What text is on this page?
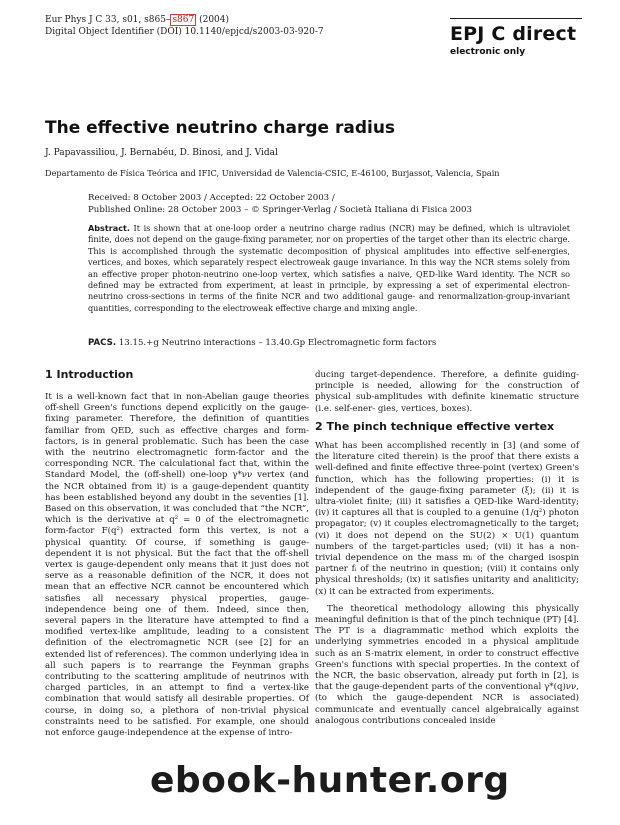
Eur Phys J C 33, s01, s865– s867 (2004)
Digital Object Identifier (DOI) 10.1140/epjcd/s2003-03-920-7	EPJ C direct
electronic only
The effective neutrino charge radius
J. Papavassiliou, J. Bernabéu, D. Binosi, and J. Vidal
Departamento de Física Teórica and IFIC, Universidad de Valencia-CSIC, E-46100, Burjassot, Valencia, Spain
Received: 8 October 2003 / Accepted: 22 October 2003 /
Published Online: 28 October 2003 – © Springer-Verlag / Società Italiana di Fisica 2003
Abstract. It is shown that at one-loop order a neutrino charge radius (NCR) may be defined, which is ultraviolet finite, does not depend on the gauge-fixing parameter, nor on properties of the target other than its electric charge. This is accomplished through the systematic decomposition of physical amplitudes into effective self-energies, vertices, and boxes, which separately respect electroweak gauge invariance. In this way the NCR stems solely from an effective proper photon-neutrino one-loop vertex, which satisfies a naive, QED-like Ward identity. The NCR so defined may be extracted from experiment, at least in principle, by expressing a set of experimental electron-neutrino cross-sections in terms of the finite NCR and two additional gauge- and renormalization-group-invariant quantities, corresponding to the electroweak effective charge and mixing angle.
PACS. 13.15.+g Neutrino interactions – 13.40.Gp Electromagnetic form factors
1 Introduction

It is a well-known fact that in non-Abelian gauge theories off-shell Green's functions depend explicitly on the gauge-fixing parameter. Therefore, the definition of quantities familiar from QED, such as effective charges and form-factors, is in general problematic. Such has been the case with the neutrino electromagnetic form-factor and the corresponding NCR. The calculational fact that, within the Standard Model, the (off-shell) one-loop γ*νν vertex (and the NCR obtained from it) is a gauge-dependent quantity has been established beyond any doubt in the seventies [1]. Based on this observation, it was concluded that “the NCR”, which is the derivative at q² = 0 of the electromagnetic form-factor F(q²) extracted form this vertex, is not a physical quantity. Of course, if something is gauge-dependent it is not physical. But the fact that the off-shell vertex is gauge-dependent only means that it just does not serve as a reasonable definition of the NCR, it does not mean that an effective NCR cannot be encountered which satisfies all necessary physical properties, gauge-independence being one of them. Indeed, since then, several papers in the literature have attempted to find a modified vertex-like amplitude, leading to a consistent definition of the electromagnetic NCR (see [2] for an extended list of references). The common underlying idea in all such papers is to rearrange the Feynman graphs contributing to the scattering amplitude of neutrinos with charged particles, in an attempt to find a vertex-like combination that would satisfy all desirable properties. Of course, in doing so, a plethora of non-trivial physical constraints need to be satisfied. For example, one should not enforce gauge-independence at the expense of intro-

ducing target-dependence. Therefore, a definite guiding-principle is needed, allowing for the construction of physical sub-amplitudes with definite kinematic structure (i.e. self-ener- gies, vertices, boxes).

2 The pinch technique effective vertex

What has been accomplished recently in [3] (and some of the literature cited therein) is the proof that there exists a well-defined and finite effective three-point (vertex) Green's function, which has the following properties: (i) it is independent of the gauge-fixing parameter (ξ); (ii) it is ultra-violet finite; (iii) it satisfies a QED-like Ward-identity; (iv) it captures all that is coupled to a genuine (1/q²) photon propagator; (v) it couples electromagnetically to the target; (vi) it does not depend on the SU(2) × U(1) quantum numbers of the target-particles used; (vii) it has a non-trivial dependence on the mass mᵢ of the charged isospin partner fᵢ of the neutrino in question; (viii) it contains only physical thresholds; (ix) it satisfies unitarity and analiticity; (x) it can be extracted from experiments.

The theoretical methodology allowing this physically meaningful definition is that of the pinch technique (PT) [4]. The PT is a diagrammatic method which exploits the underlying symmetries encoded in a physical amplitude such as an S-matrix element, in order to construct effective Green's functions with special properties. In the context of the NCR, the basic observation, already put forth in [2], is that the gauge-dependent parts of the conventional γ*(q)νν, (to which the gauge-dependent NCR is associated) communicate and eventually cancel algebraically against analogous contributions concealed inside

ebook-hunter.org
